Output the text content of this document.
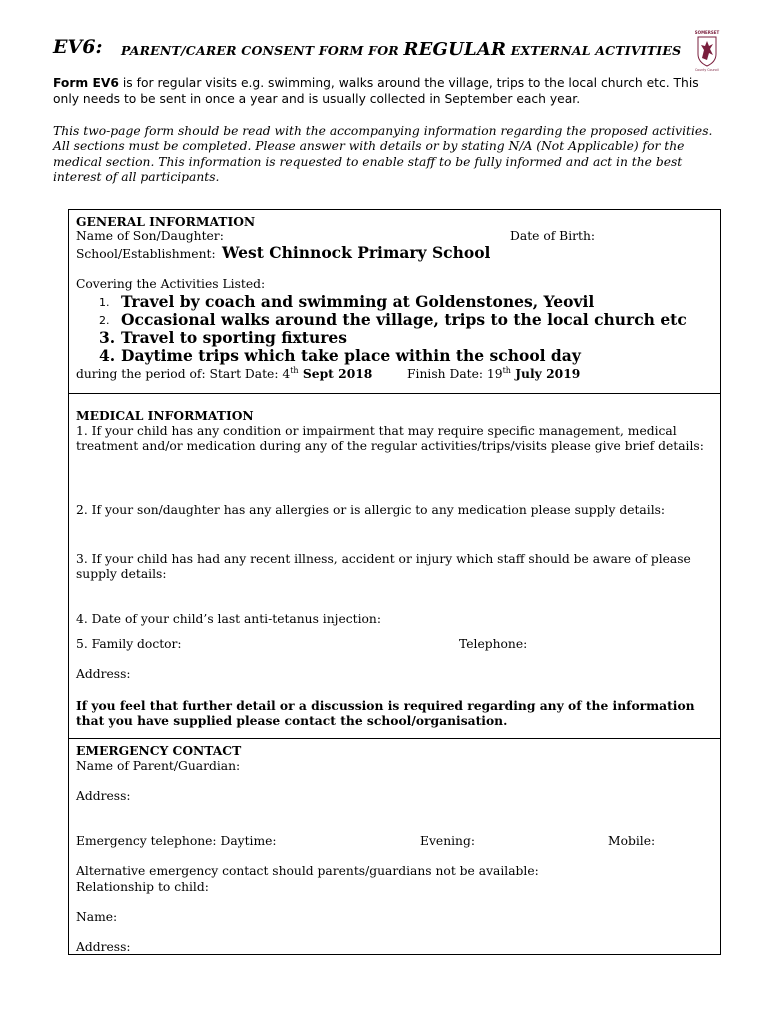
EV6: PARENT/CARER CONSENT FORM FOR REGULAR EXTERNAL ACTIVITIES
SOMERSET
County Council
Form EV6 is for regular visits e.g. swimming, walks around the village, trips to the local church etc. This only needs to be sent in once a year and is usually collected in September each year.
This two-page form should be read with the accompanying information regarding the proposed activities.
All sections must be completed. Please answer with details or by stating N/A (Not Applicable) for the medical section. This information is requested to enable staff to be fully informed and act in the best interest of all participants.
GENERAL INFORMATION
Name of Son/Daughter:	Date of Birth:
School/Establishment: West Chinnock Primary School
Covering the Activities Listed:
1. Travel by coach and swimming at Goldenstones, Yeovil
2. Occasional walks around the village, trips to the local church etc
3. Travel to sporting fixtures
4. Daytime trips which take place within the school day
during the period of: Start Date: 4th Sept 2018	Finish Date: 19th July 2019
MEDICAL INFORMATION
1. If your child has any condition or impairment that may require specific management, medical treatment and/or medication during any of the regular activities/trips/visits please give brief details:
2. If your son/daughter has any allergies or is allergic to any medication please supply details:
3. If your child has had any recent illness, accident or injury which staff should be aware of please supply details:
4. Date of your child’s last anti-tetanus injection:
5. Family doctor:	Telephone:
Address:
If you feel that further detail or a discussion is required regarding any of the information that you have supplied please contact the school/organisation.
EMERGENCY CONTACT
Name of Parent/Guardian:
Address:
Emergency telephone: Daytime:	Evening:	Mobile:
Alternative emergency contact should parents/guardians not be available:
Relationship to child:
Name:
Address:
